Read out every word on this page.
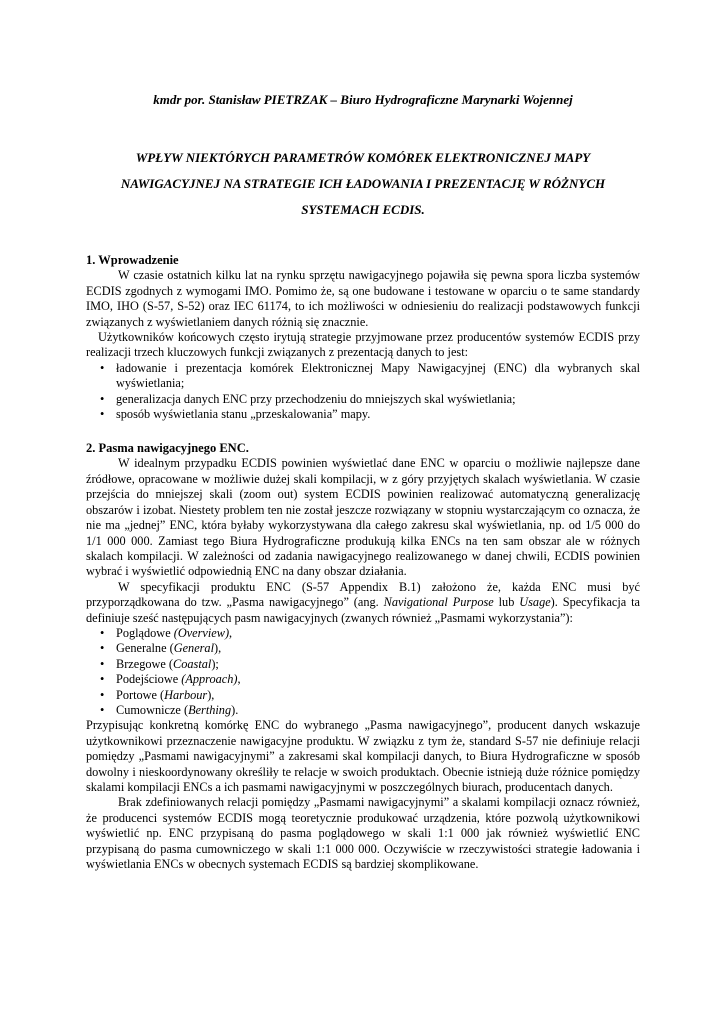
kmdr por. Stanisław PIETRZAK – Biuro Hydrograficzne Marynarki Wojennej

WPŁYW NIEKTÓRYCH PARAMETRÓW KOMÓREK ELEKTRONICZNEJ MAPY
NAWIGACYJNEJ NA STRATEGIE ICH ŁADOWANIA I PREZENTACJĘ W RÓŻNYCH
SYSTEMACH ECDIS.
1. Wprowadzenie

W czasie ostatnich kilku lat na rynku sprzętu nawigacyjnego pojawiła się pewna spora liczba systemów ECDIS zgodnych z wymogami IMO. Pomimo że, są one budowane i testowane w oparciu o te same standardy IMO, IHO (S-57, S-52) oraz IEC 61174, to ich możliwości w odniesieniu do realizacji podstawowych funkcji związanych z wyświetlaniem danych różnią się znacznie.

Użytkowników końcowych często irytują strategie przyjmowane przez producentów systemów ECDIS przy realizacji trzech kluczowych funkcji związanych z prezentacją danych to jest:

• ładowanie i prezentacja komórek Elektronicznej Mapy Nawigacyjnej (ENC) dla wybranych skal wyświetlania;
• generalizacja danych ENC przy przechodzeniu do mniejszych skal wyświetlania;
• sposób wyświetlania stanu „przeskalowania” mapy.
2. Pasma nawigacyjnego ENC.

W idealnym przypadku ECDIS powinien wyświetlać dane ENC w oparciu o możliwie najlepsze dane źródłowe, opracowane w możliwie dużej skali kompilacji, w z góry przyjętych skalach wyświetlania. W czasie przejścia do mniejszej skali (zoom out) system ECDIS powinien realizować automatyczną generalizację obszarów i izobat. Niestety problem ten nie został jeszcze rozwiązany w stopniu wystarczającym co oznacza, że nie ma „jednej” ENC, która byłaby wykorzystywana dla całego zakresu skal wyświetlania, np. od 1/5 000 do 1/1 000 000. Zamiast tego Biura Hydrograficzne produkują kilka ENCs na ten sam obszar ale w różnych skalach kompilacji. W zależności od zadania nawigacyjnego realizowanego w danej chwili, ECDIS powinien wybrać i wyświetlić odpowiednią ENC na dany obszar działania.

W specyfikacji produktu ENC (S-57 Appendix B.1) założono że, każda ENC musi być przyporządkowana do tzw. „Pasma nawigacyjnego” (ang. Navigational Purpose lub Usage). Specyfikacja ta definiuje sześć następujących pasm nawigacyjnych (zwanych również „Pasmami wykorzystania”):

• Poglądowe (Overview),
• Generalne (General),
• Brzegowe (Coastal);
• Podejściowe (Approach),
• Portowe (Harbour),
• Cumownicze (Berthing).

Przypisując konkretną komórkę ENC do wybranego „Pasma nawigacyjnego”, producent danych wskazuje użytkownikowi przeznaczenie nawigacyjne produktu. W związku z tym że, standard S-57 nie definiuje relacji pomiędzy „Pasmami nawigacyjnymi” a zakresami skal kompilacji danych, to Biura Hydrograficzne w sposób dowolny i nieskoordynowany określiły te relacje w swoich produktach. Obecnie istnieją duże różnice pomiędzy skalami kompilacji ENCs a ich pasmami nawigacyjnymi w poszczególnych biurach, producentach danych.

Brak zdefiniowanych relacji pomiędzy „Pasmami nawigacyjnymi” a skalami kompilacji oznacz również, że producenci systemów ECDIS mogą teoretycznie produkować urządzenia, które pozwolą użytkownikowi wyświetlić np. ENC przypisaną do pasma poglądowego w skali 1:1 000 jak również wyświetlić ENC przypisaną do pasma cumowniczego w skali 1:1 000 000. Oczywiście w rzeczywistości strategie ładowania i wyświetlania ENCs w obecnych systemach ECDIS są bardziej skomplikowane.
